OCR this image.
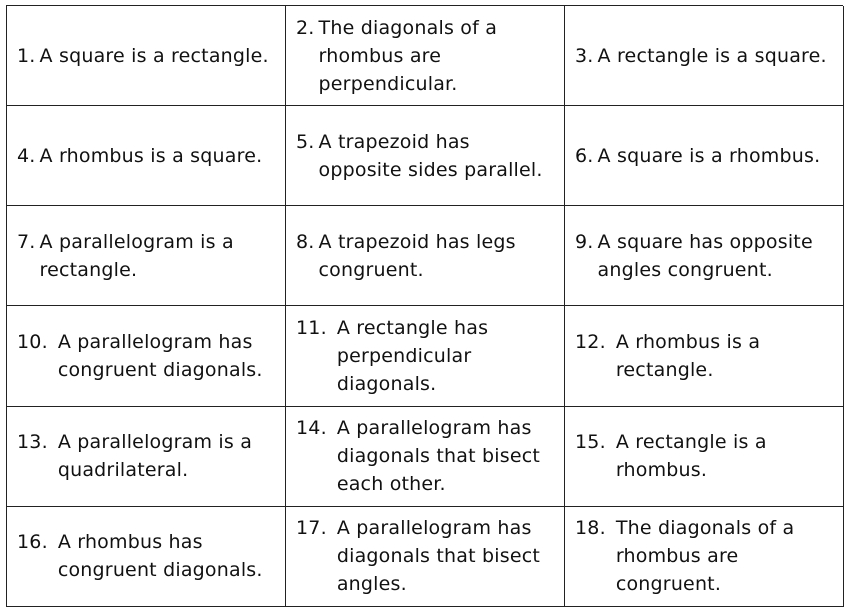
1. A square is a rectangle.
2. The diagonals of a rhombus are perpendicular.
3. A rectangle is a square.
4. A rhombus is a square.
5. A trapezoid has opposite sides parallel.
6. A square is a rhombus.
7. A parallelogram is a rectangle.
8. A trapezoid has legs congruent.
9. A square has opposite angles congruent.
10. A parallelogram has congruent diagonals.
11. A rectangle has perpendicular diagonals.
12. A rhombus is a rectangle.
13. A parallelogram is a quadrilateral.
14. A parallelogram has diagonals that bisect each other.
15. A rectangle is a rhombus.
16. A rhombus has congruent diagonals.
17. A parallelogram has diagonals that bisect angles.
18. The diagonals of a rhombus are congruent.
